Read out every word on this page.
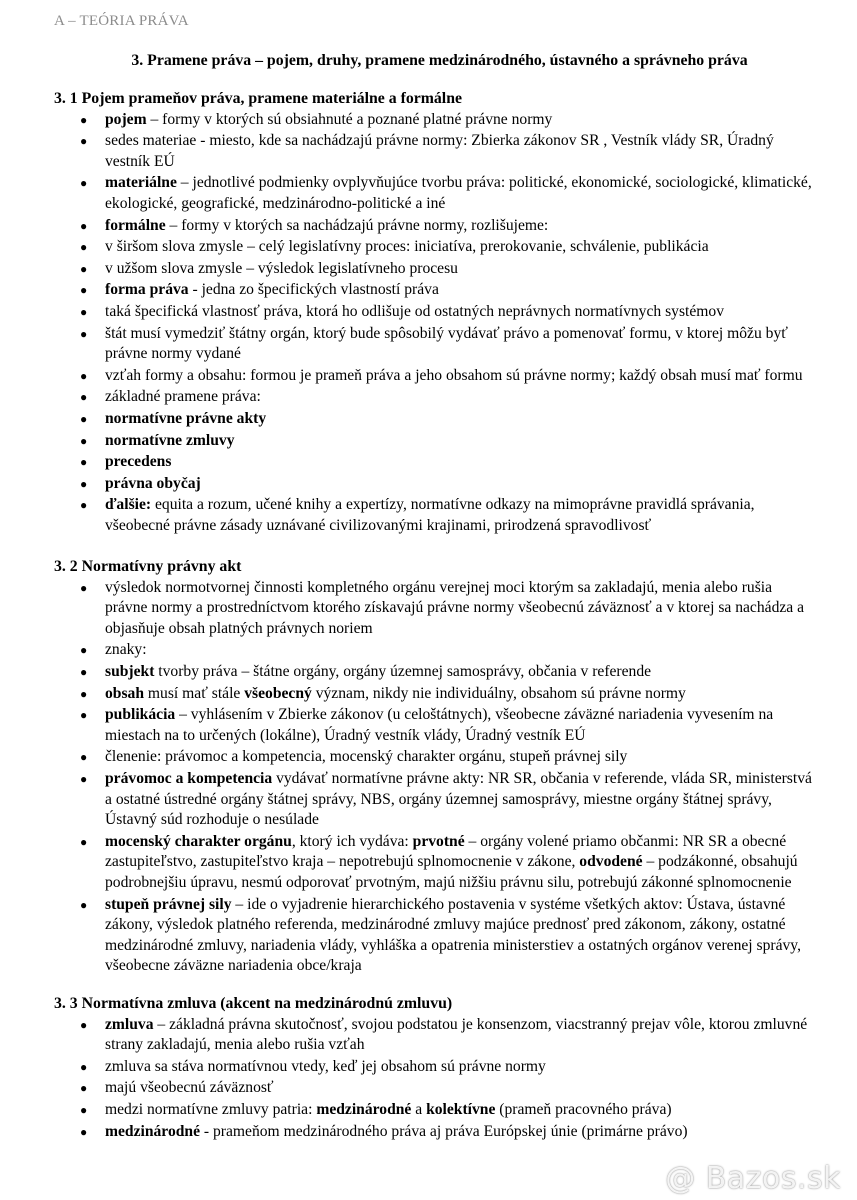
A – TEÓRIA PRÁVA
3. Pramene práva – pojem, druhy, pramene medzinárodného, ústavného a správneho práva

3. 1 Pojem prameňov práva, pramene materiálne a formálne

● pojem – formy v ktorých sú obsiahnuté a poznané platné právne normy
● sedes materiae - miesto, kde sa nachádzajú právne normy: Zbierka zákonov SR , Vestník vlády SR, Úradný vestník EÚ
● materiálne – jednotlivé podmienky ovplyvňujúce tvorbu práva: politické, ekonomické, sociologické, klimatické, ekologické, geografické, medzinárodno-politické a iné
● formálne – formy v ktorých sa nachádzajú právne normy, rozlišujeme:
● v širšom slova zmysle – celý legislatívny proces: iniciatíva, prerokovanie, schválenie, publikácia
● v užšom slova zmysle – výsledok legislatívneho procesu
● forma práva - jedna zo špecifických vlastností práva
● taká špecifická vlastnosť práva, ktorá ho odlišuje od ostatných neprávnych normatívnych systémov
● štát musí vymedziť štátny orgán, ktorý bude spôsobilý vydávať právo a pomenovať formu, v ktorej môžu byť právne normy vydané
● vzťah formy a obsahu: formou je prameň práva a jeho obsahom sú právne normy; každý obsah musí mať formu
● základné pramene práva:
● normatívne právne akty
● normatívne zmluvy
● precedens
● právna obyčaj
● ďalšie: equita a rozum, učené knihy a expertízy, normatívne odkazy na mimoprávne pravidlá správania, všeobecné právne zásady uznávané civilizovanými krajinami, prirodzená spravodlivosť

3. 2 Normatívny právny akt

● výsledok normotvornej činnosti kompletného orgánu verejnej moci ktorým sa zakladajú, menia alebo rušia právne normy a prostredníctvom ktorého získavajú právne normy všeobecnú záväznosť a v ktorej sa nachádza a objasňuje obsah platných právnych noriem
● znaky:
● subjekt tvorby práva – štátne orgány, orgány územnej samosprávy, občania v referende
● obsah musí mať stále všeobecný význam, nikdy nie individuálny, obsahom sú právne normy
● publikácia – vyhlásením v Zbierke zákonov (u celoštátnych), všeobecne záväzné nariadenia vyvesením na miestach na to určených (lokálne), Úradný vestník vlády, Úradný vestník EÚ
● členenie: právomoc a kompetencia, mocenský charakter orgánu, stupeň právnej sily
● právomoc a kompetencia vydávať normatívne právne akty: NR SR, občania v referende, vláda SR, ministerstvá a ostatné ústredné orgány štátnej správy, NBS, orgány územnej samosprávy, miestne orgány štátnej správy, Ústavný súd rozhoduje o nesúlade
● mocenský charakter orgánu, ktorý ich vydáva: prvotné – orgány volené priamo občanmi: NR SR a obecné zastupiteľstvo, zastupiteľstvo kraja – nepotrebujú splnomocnenie v zákone, odvodené – podzákonné, obsahujú podrobnejšiu úpravu, nesmú odporovať prvotným, majú nižšiu právnu silu, potrebujú zákonné splnomocnenie
● stupeň právnej sily – ide o vyjadrenie hierarchického postavenia v systéme všetkých aktov: Ústava, ústavné zákony, výsledok platného referenda, medzinárodné zmluvy majúce prednosť pred zákonom, zákony, ostatné medzinárodné zmluvy, nariadenia vlády, vyhláška a opatrenia ministerstiev a ostatných orgánov verenej správy, všeobecne záväzne nariadenia obce/kraja

3. 3 Normatívna zmluva (akcent na medzinárodnú zmluvu)

● zmluva – základná právna skutočnosť, svojou podstatou je konsenzom, viacstranný prejav vôle, ktorou zmluvné strany zakladajú, menia alebo rušia vzťah
● zmluva sa stáva normatívnou vtedy, keď jej obsahom sú právne normy
● majú všeobecnú záväznosť
● medzi normatívne zmluvy patria: medzinárodné a kolektívne (prameň pracovného práva)
● medzinárodné - prameňom medzinárodného práva aj práva Európskej únie (primárne právo)
@ Bazos.sk
